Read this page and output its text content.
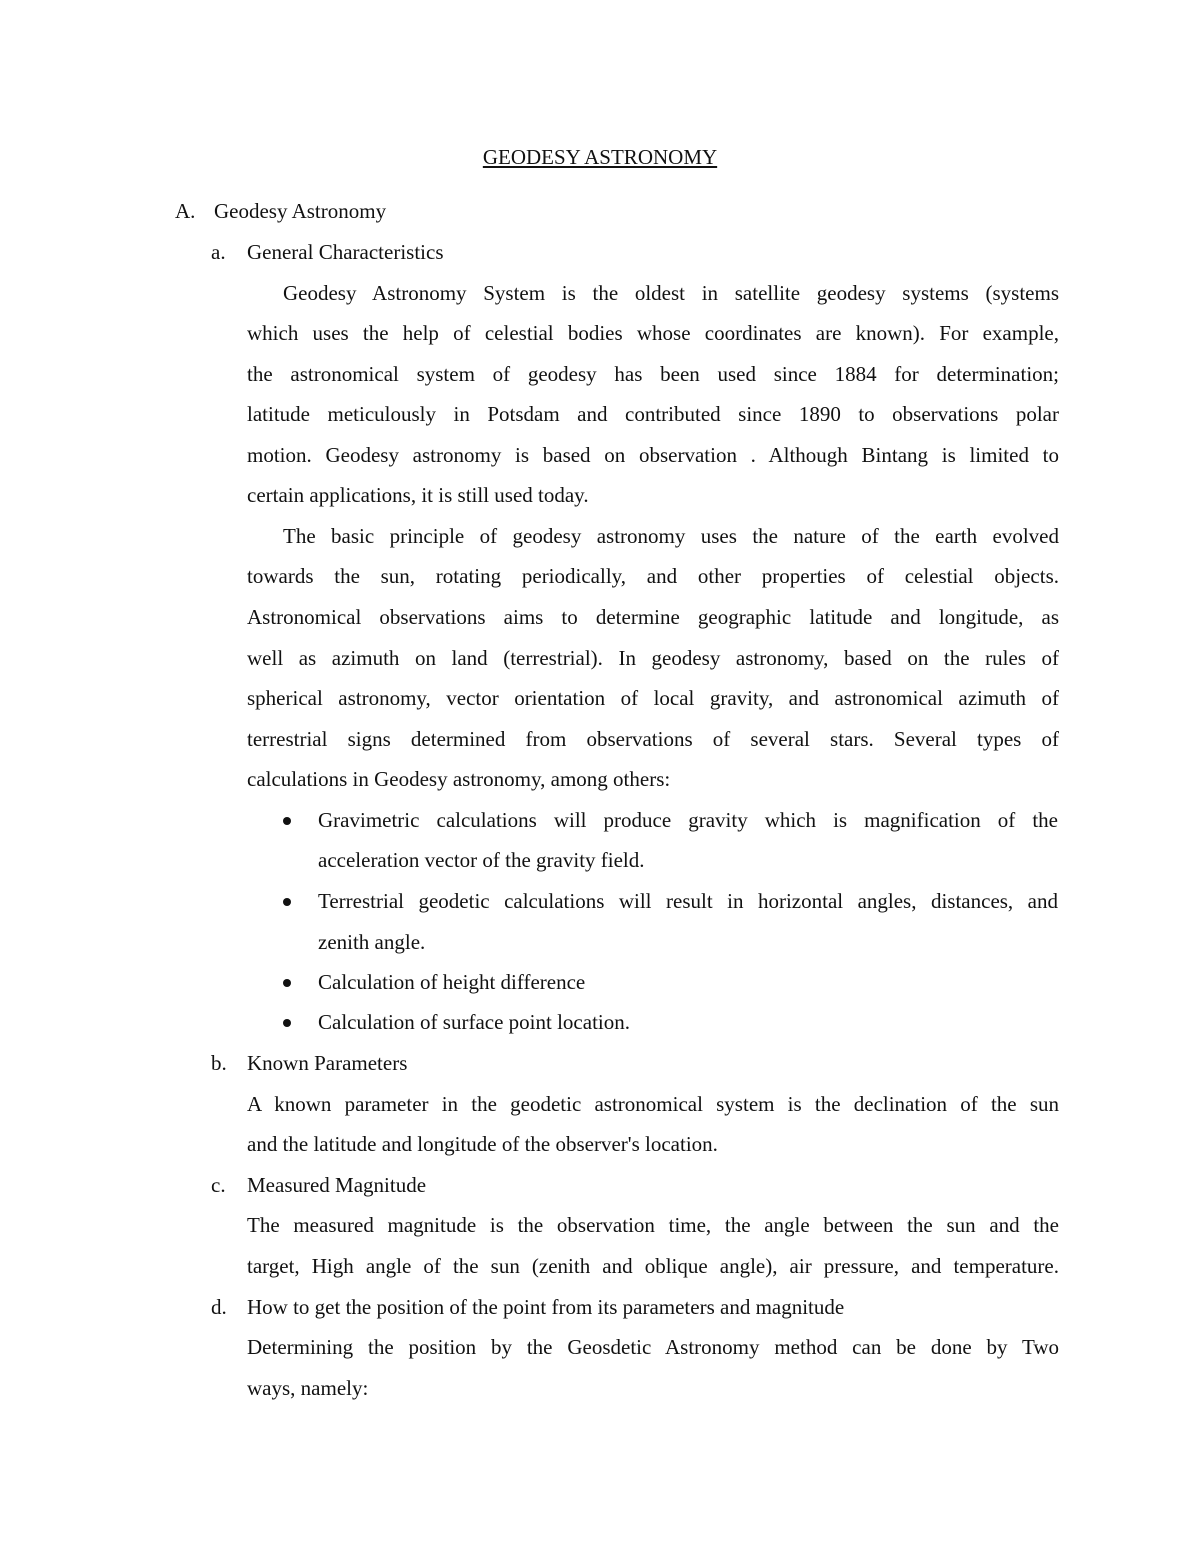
GEODESY ASTRONOMY
A. Geodesy Astronomy
a. General Characteristics
Geodesy Astronomy System is the oldest in satellite geodesy systems (systems
which uses the help of celestial bodies whose coordinates are known). For example,
the astronomical system of geodesy has been used since 1884 for determination;
latitude meticulously in Potsdam and contributed since 1890 to observations polar
motion. Geodesy astronomy is based on observation . Although Bintang is limited to
certain applications, it is still used today.
The basic principle of geodesy astronomy uses the nature of the earth evolved
towards the sun, rotating periodically, and other properties of celestial objects.
Astronomical observations aims to determine geographic latitude and longitude, as
well as azimuth on land (terrestrial). In geodesy astronomy, based on the rules of
spherical astronomy, vector orientation of local gravity, and astronomical azimuth of
terrestrial signs determined from observations of several stars. Several types of
calculations in Geodesy astronomy, among others:
Gravimetric calculations will produce gravity which is magnification of the
acceleration vector of the gravity field.
Terrestrial geodetic calculations will result in horizontal angles, distances, and
zenith angle.
Calculation of height difference
Calculation of surface point location.
b. Known Parameters
A known parameter in the geodetic astronomical system is the declination of the sun
and the latitude and longitude of the observer's location.
c. Measured Magnitude
The measured magnitude is the observation time, the angle between the sun and the
target, High angle of the sun (zenith and oblique angle), air pressure, and temperature.
d. How to get the position of the point from its parameters and magnitude
Determining the position by the Geosdetic Astronomy method can be done by Two
ways, namely:
